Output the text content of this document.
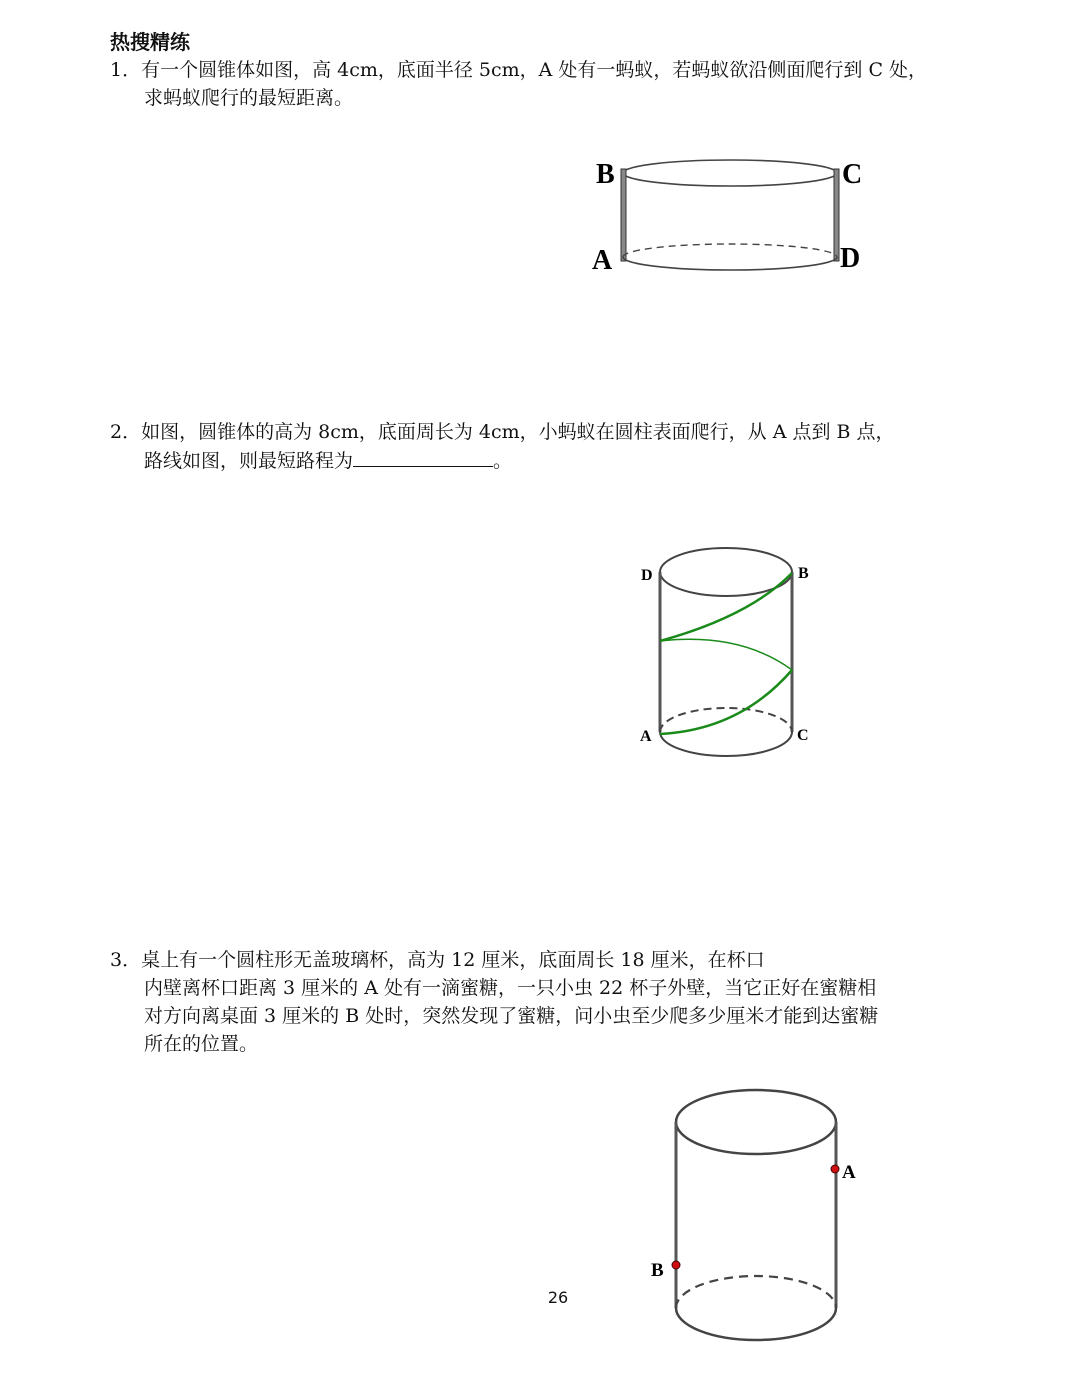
热搜精练
1．有一个圆锥体如图，高 4cm，底面半径 5cm，A 处有一蚂蚁，若蚂蚁欲沿侧面爬行到 C 处，
求蚂蚁爬行的最短距离。
B	C
A	D
2．如图，圆锥体的高为 8cm，底面周长为 4cm，小蚂蚁在圆柱表面爬行，从 A 点到 B 点，
路线如图，则最短路程为	。
D	B
A	C
3．桌上有一个圆柱形无盖玻璃杯，高为 12 厘米，底面周长 18 厘米，在杯口
内壁离杯口距离 3 厘米的 A 处有一滴蜜糖，一只小虫 22 杯子外壁，当它正好在蜜糖相
对方向离桌面 3 厘米的 B 处时，突然发现了蜜糖，问小虫至少爬多少厘米才能到达蜜糖
所在的位置。
A
B
26
